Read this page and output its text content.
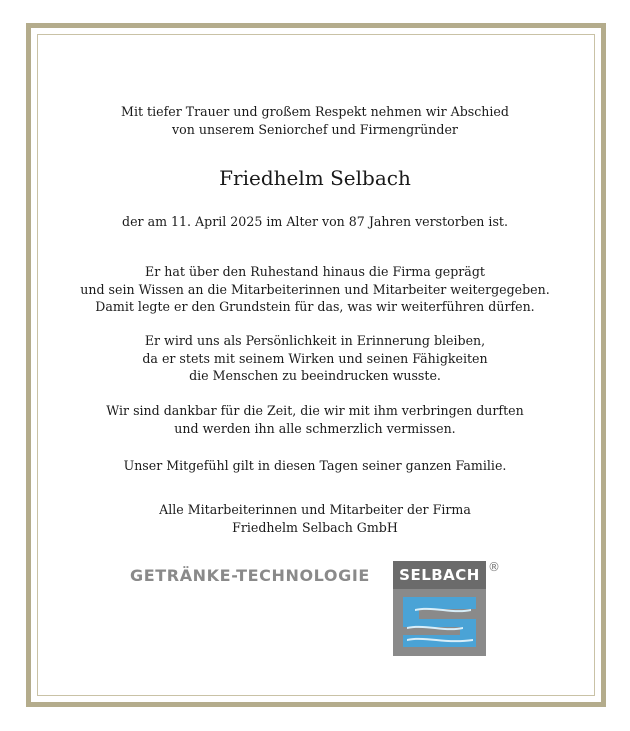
Mit tiefer Trauer und großem Respekt nehmen wir Abschied
von unserem Seniorchef und Firmengründer
Friedhelm Selbach
der am 11. April 2025 im Alter von 87 Jahren verstorben ist.
Er hat über den Ruhestand hinaus die Firma geprägt
und sein Wissen an die Mitarbeiterinnen und Mitarbeiter weitergegeben.
Damit legte er den Grundstein für das, was wir weiterführen dürfen.
Er wird uns als Persönlichkeit in Erinnerung bleiben,
da er stets mit seinem Wirken und seinen Fähigkeiten
die Menschen zu beeindrucken wusste.
Wir sind dankbar für die Zeit, die wir mit ihm verbringen durften
und werden ihn alle schmerzlich vermissen.
Unser Mitgefühl gilt in diesen Tagen seiner ganzen Familie.
Alle Mitarbeiterinnen und Mitarbeiter der Firma
Friedhelm Selbach GmbH
GETRÄNKE-TECHNOLOGIE	SELBACH ®
